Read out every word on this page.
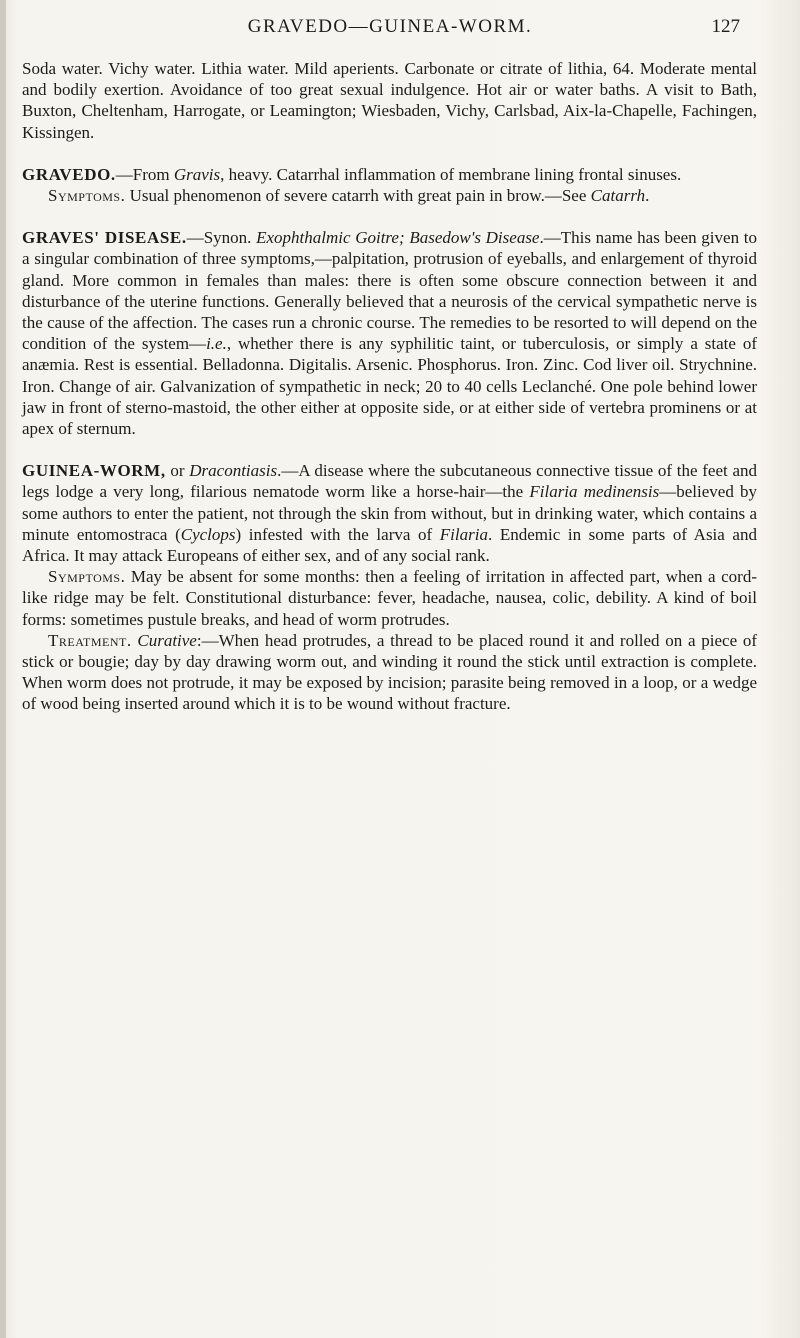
GRAVEDO—GUINEA-WORM.	127

Soda water. Vichy water. Lithia water. Mild aperients. Carbonate or citrate of lithia, 64. Moderate mental and bodily exertion. Avoidance of too great sexual indulgence. Hot air or water baths. A visit to Bath, Buxton, Cheltenham, Harrogate, or Leamington; Wiesbaden, Vichy, Carlsbad, Aix-la-Chapelle, Fachingen, Kissingen.

GRAVEDO.—From Gravis, heavy. Catarrhal inflammation of membrane lining frontal sinuses.

Symptoms. Usual phenomenon of severe catarrh with great pain in brow.—See Catarrh.

GRAVES' DISEASE.—Synon. Exophthalmic Goitre; Basedow's Disease.—This name has been given to a singular combination of three symptoms,—palpitation, protrusion of eyeballs, and enlargement of thyroid gland. More common in females than males: there is often some obscure connection between it and disturbance of the uterine functions. Generally believed that a neurosis of the cervical sympathetic nerve is the cause of the affection. The cases run a chronic course. The remedies to be resorted to will depend on the condition of the system—i.e., whether there is any syphilitic taint, or tuberculosis, or simply a state of anæmia. Rest is essential. Belladonna. Digitalis. Arsenic. Phosphorus. Iron. Zinc. Cod liver oil. Strychnine. Iron. Change of air. Galvanization of sympathetic in neck; 20 to 40 cells Leclanché. One pole behind lower jaw in front of sterno-mastoid, the other either at opposite side, or at either side of vertebra prominens or at apex of sternum.

GUINEA-WORM, or Dracontiasis.—A disease where the subcutaneous connective tissue of the feet and legs lodge a very long, filarious nematode worm like a horse-hair—the Filaria medinensis—believed by some authors to enter the patient, not through the skin from without, but in drinking water, which contains a minute entomostraca (Cyclops) infested with the larva of Filaria. Endemic in some parts of Asia and Africa. It may attack Europeans of either sex, and of any social rank.

Symptoms. May be absent for some months: then a feeling of irritation in affected part, when a cord-like ridge may be felt. Constitutional disturbance: fever, headache, nausea, colic, debility. A kind of boil forms: sometimes pustule breaks, and head of worm protrudes.

Treatment. Curative:—When head protrudes, a thread to be placed round it and rolled on a piece of stick or bougie; day by day drawing worm out, and winding it round the stick until extraction is complete. When worm does not protrude, it may be exposed by incision; parasite being removed in a loop, or a wedge of wood being inserted around which it is to be wound without fracture.
